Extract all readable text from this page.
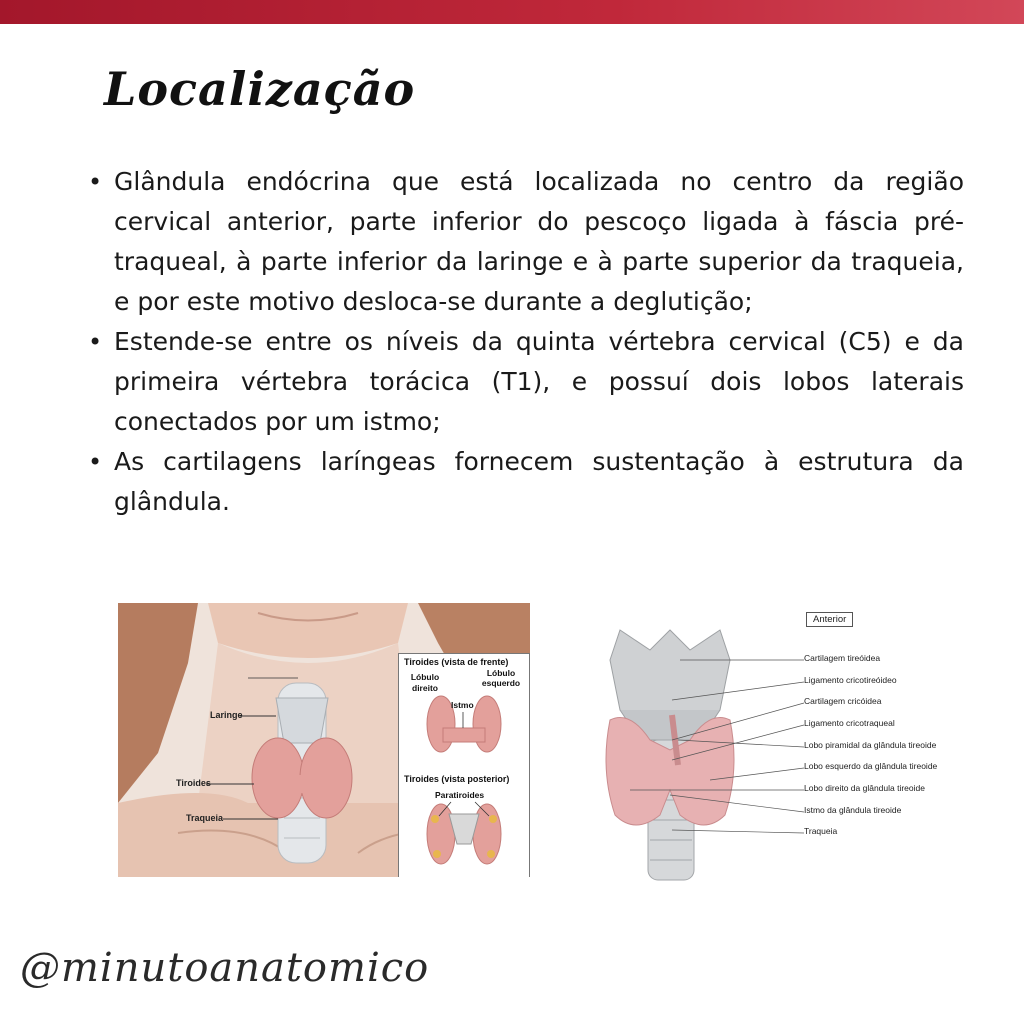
Localização
• Glândula endócrina que está localizada no centro da região cervical anterior, parte inferior do pescoço ligada à fáscia pré-traqueal, à parte inferior da laringe e à parte superior da traqueia, e por este motivo desloca-se durante a deglutição;
• Estende-se entre os níveis da quinta vértebra cervical (C5) e da primeira vértebra torácica (T1), e possuí dois lobos laterais conectados por um istmo;
• As cartilagens laríngeas fornecem sustentação à estrutura da glândula.
Laringe
Tiroides
Traqueia
Tiroides (vista de frente)
Lóbulo esquerdo
Lóbulo direito
Istmo
Tiroides (vista posterior)
Paratiroides
Anterior
Cartilagem tireóidea
Ligamento cricotireóideo
Cartilagem cricóidea
Ligamento cricotraqueal
Lobo piramidal da glândula tireoide
Lobo esquerdo da glândula tireoide
Lobo direito da glândula tireoide
Istmo da glândula tireoide
Traqueia
@minutoanatomico
